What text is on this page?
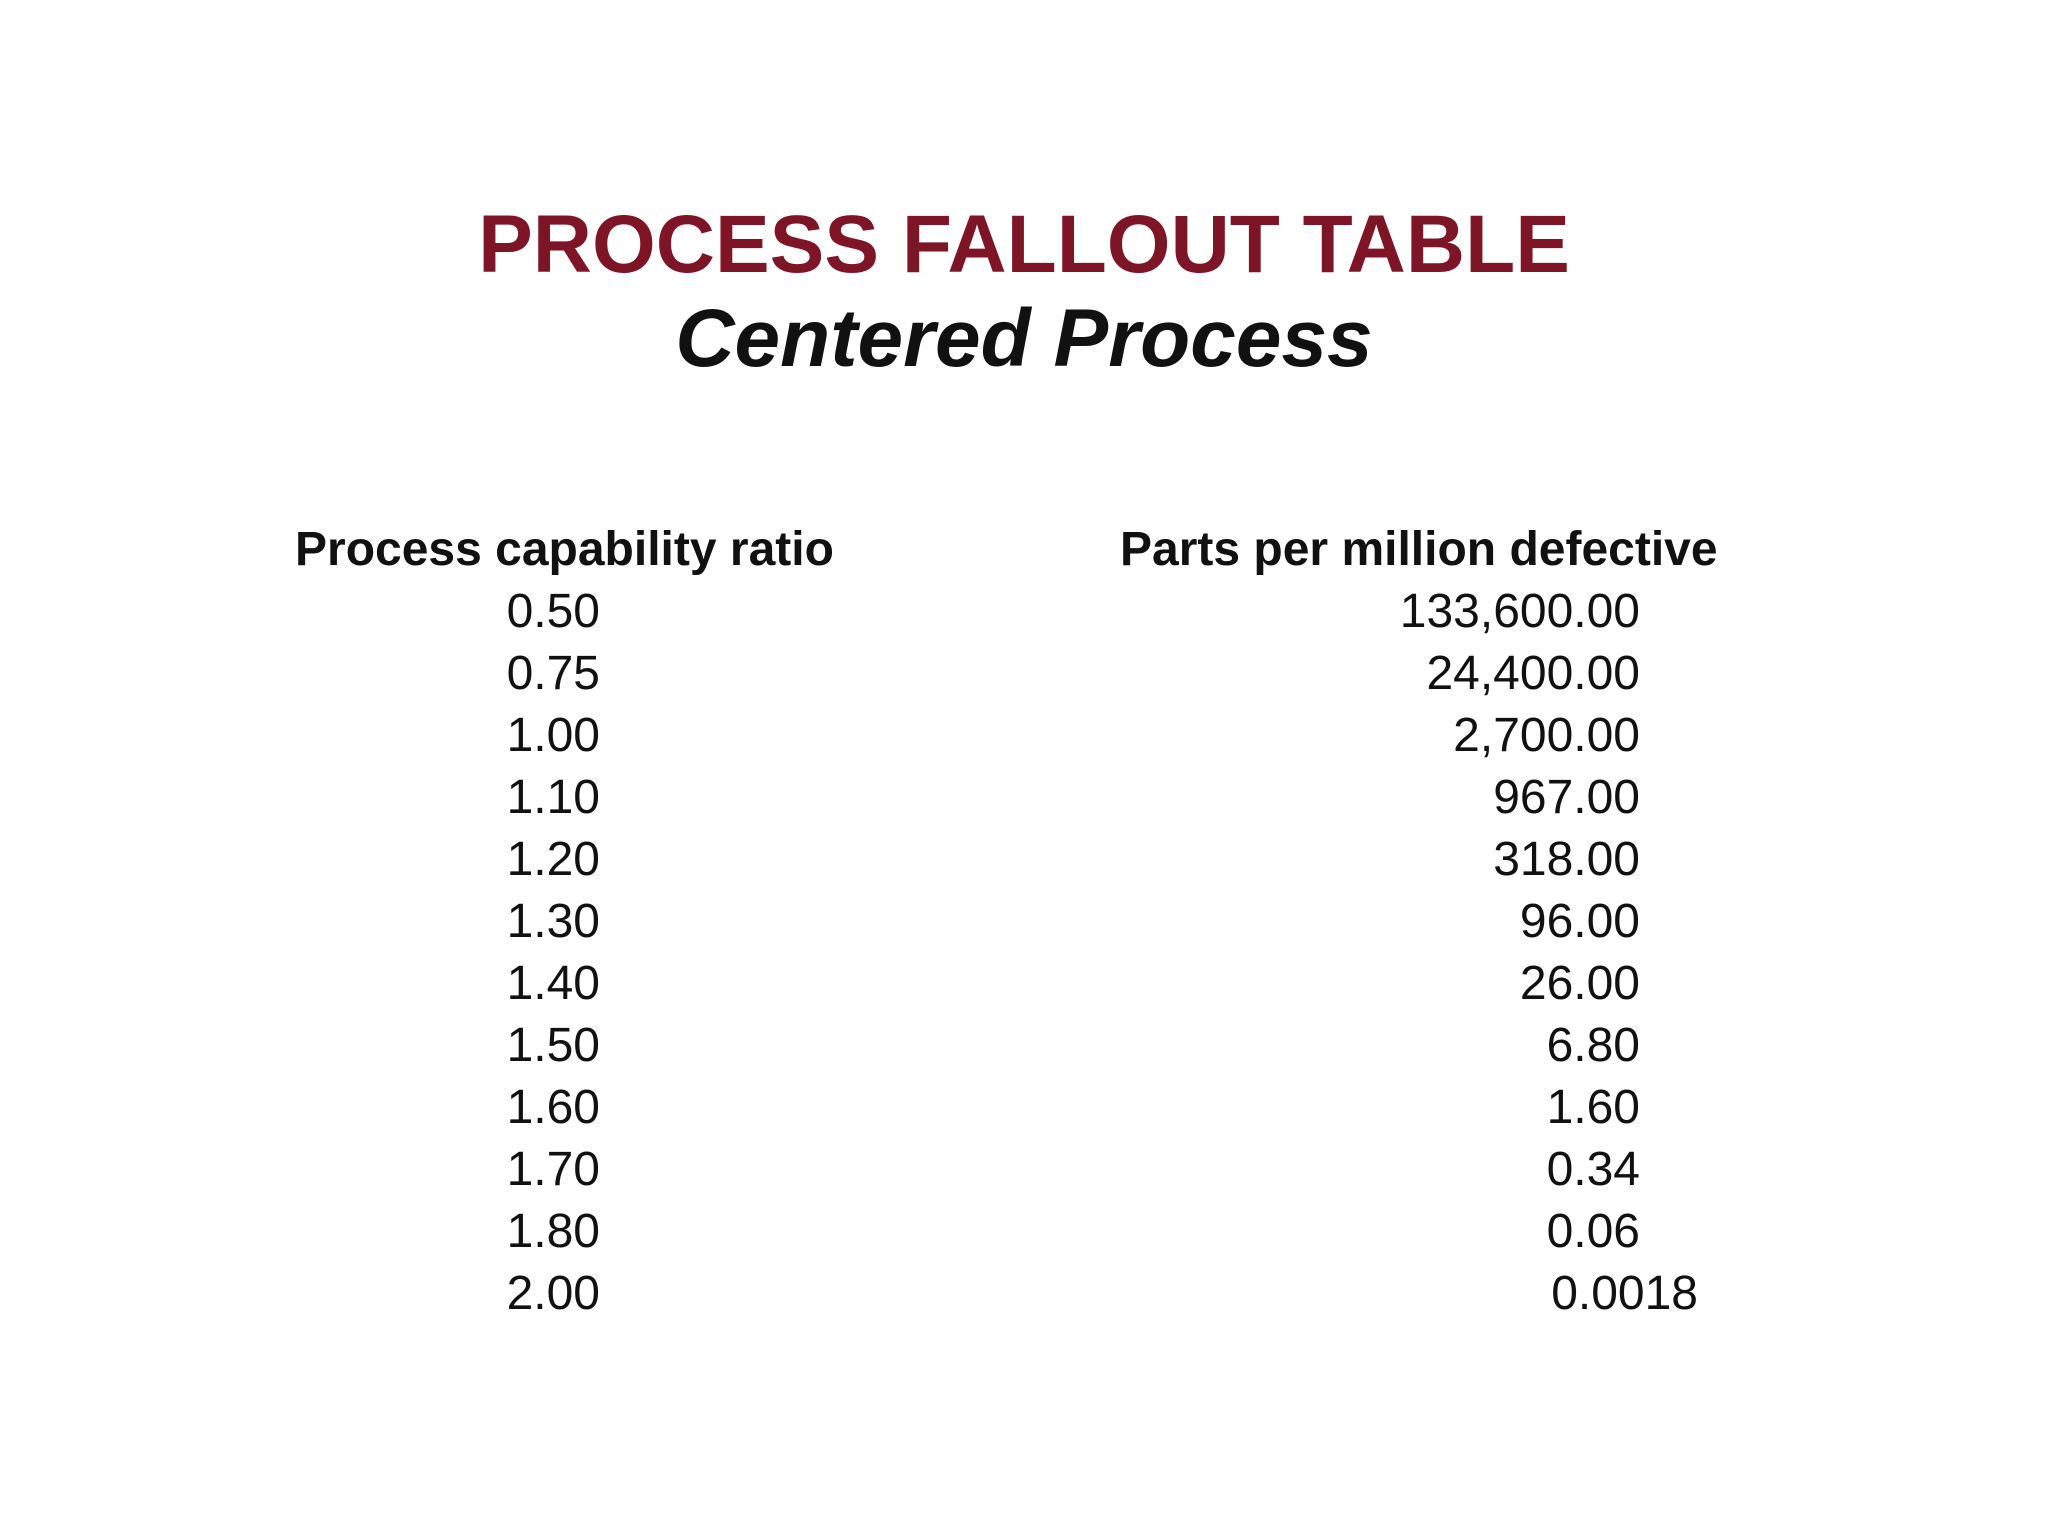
PROCESS FALLOUT TABLE
Centered Process
Process capability ratio	Parts per million defective
0.50
0.75
1.00
1.10
1.20
1.30
1.40
1.50
1.60
1.70
1.80
2.00
133,600.00
24,400.00
2,700.00
967.00
318.00
96.00
26.00
6.80
1.60
0.34
0.06
0.0018
